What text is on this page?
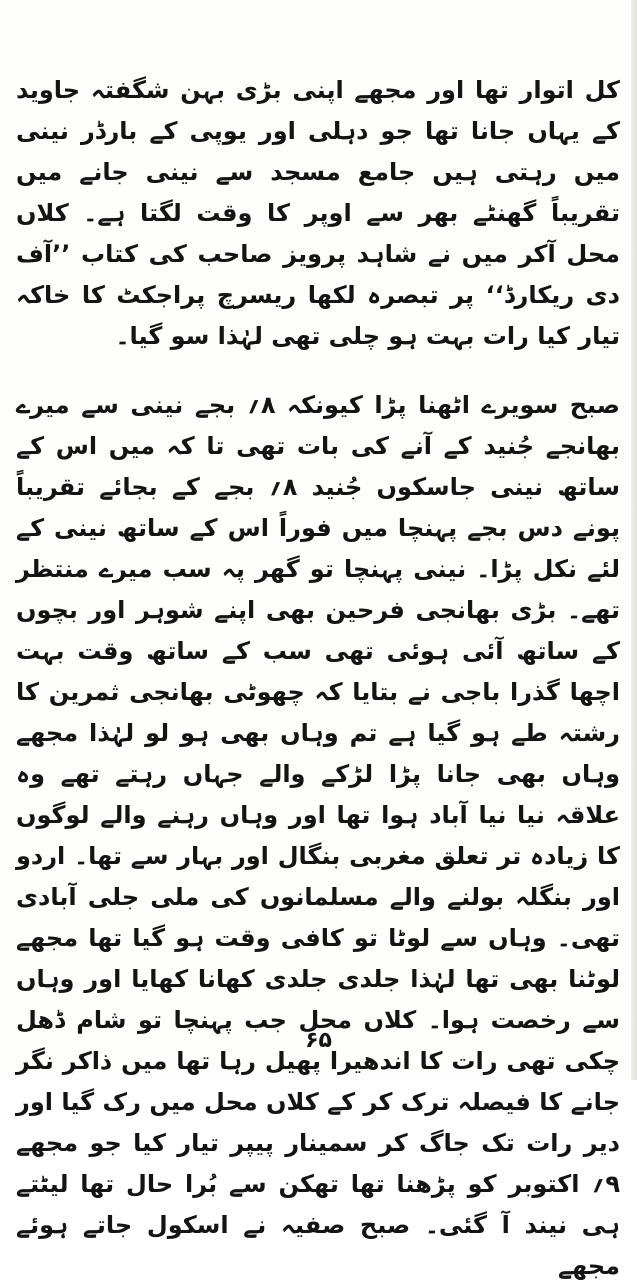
کل اتوار تھا اور مجھے اپنی بڑی بہن شگفتہ جاوید کے یہاں جانا تھا جو دہلی اور یوپی کے بارڈر نینی میں رہتی ہیں جامع مسجد سے نینی جانے میں تقریباً گھنٹے بھر سے اوپر کا وقت لگتا ہے۔ کلاں محل آکر میں نے شاہد پرویز صاحب کی کتاب ’’آف دی ریکارڈ‘‘ پر تبصرہ لکھا ریسرچ پراجکٹ کا خاکہ تیار کیا رات بہت ہو چلی تھی لہٰذا سو گیا۔

صبح سویرے اٹھنا پڑا کیونکہ ۸؍ بجے نینی سے میرے بھانجے جُنید کے آنے کی بات تھی تا کہ میں اس کے ساتھ نینی جاسکوں جُنید ۸؍ بجے کے بجائے تقریباً پونے دس بجے پہنچا میں فوراً اس کے ساتھ نینی کے لئے نکل پڑا۔ نینی پہنچا تو گھر پہ سب میرے منتظر تھے۔ بڑی بھانجی فرحین بھی اپنے شوہر اور بچوں کے ساتھ آئی ہوئی تھی سب کے ساتھ وقت بہت اچھا گذرا باجی نے بتایا کہ چھوٹی بھانجی ثمرین کا رشتہ طے ہو گیا ہے تم وہاں بھی ہو لو لہٰذا مجھے وہاں بھی جانا پڑا لڑکے والے جہاں رہتے تھے وہ علاقہ نیا نیا آباد ہوا تھا اور وہاں رہنے والے لوگوں کا زیادہ تر تعلق مغربی بنگال اور بہار سے تھا۔ اردو اور بنگلہ بولنے والے مسلمانوں کی ملی جلی آبادی تھی۔ وہاں سے لوٹا تو کافی وقت ہو گیا تھا مجھے لوٹنا بھی تھا لہٰذا جلدی جلدی کھانا کھایا اور وہاں سے رخصت ہوا۔ کلاں محل جب پہنچا تو شام ڈھل چکی تھی رات کا اندھیرا پھیل رہا تھا میں ذاکر نگر جانے کا فیصلہ ترک کر کے کلاں محل میں رک گیا اور دیر رات تک جاگ کر سمینار پیپر تیار کیا جو مجھے ۹؍ اکتوبر کو پڑھنا تھا تھکن سے بُرا حال تھا لیٹتے ہی نیند آ گئی۔ صبح صفیہ نے اسکول جاتے ہوئے مجھے

۶۵
